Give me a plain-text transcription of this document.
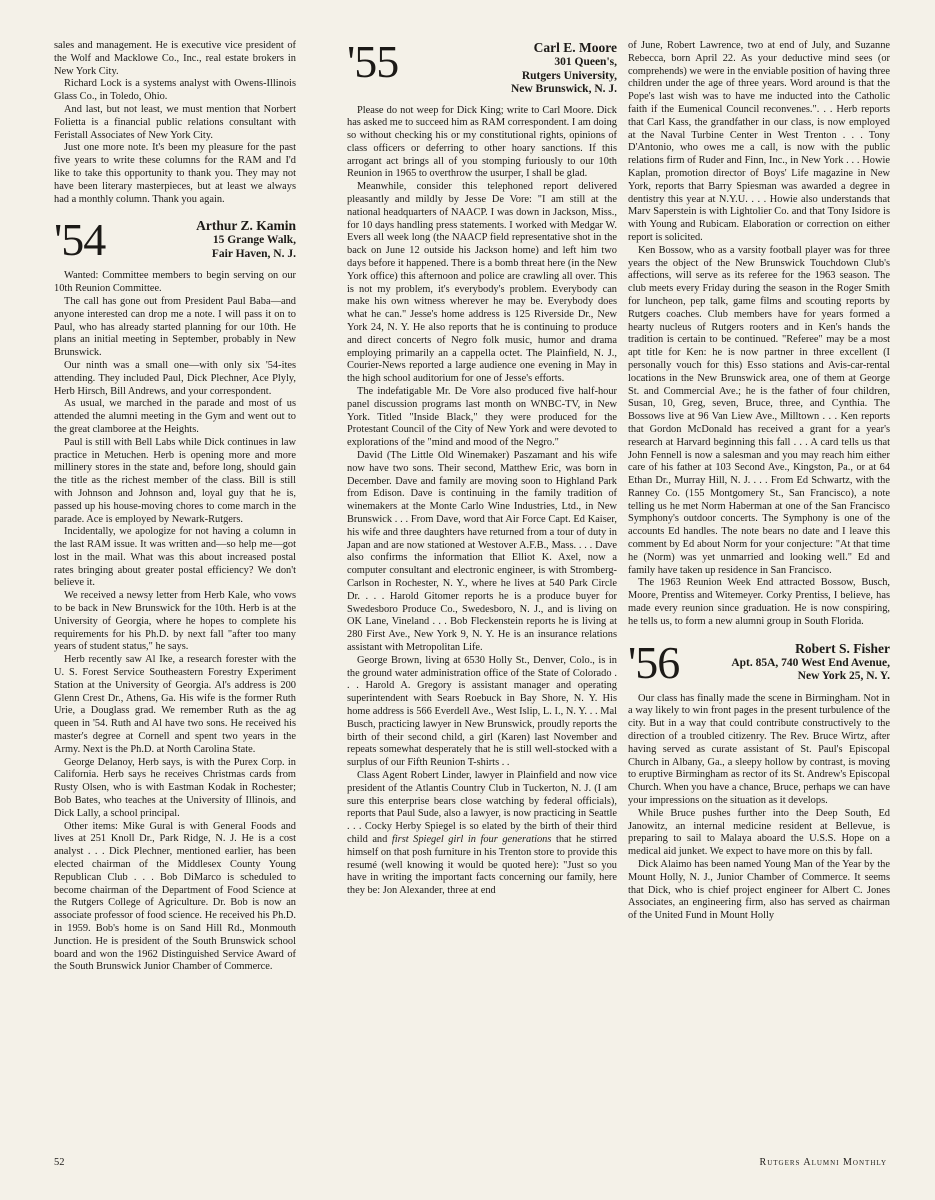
sales and management. He is executive vice president of the Wolf and Macklowe Co., Inc., real estate brokers in New York City.

Richard Lock is a systems analyst with Owens-Illinois Glass Co., in Toledo, Ohio.

And last, but not least, we must mention that Norbert Folietta is a financial public relations consultant with Feristall Associates of New York City.

Just one more note. It's been my pleasure for the past five years to write these columns for the RAM and I'd like to take this opportunity to thank you. They may not have been literary masterpieces, but at least we always had a monthly column. Thank you again.

'54	Arthur Z. Kamin
15 Grange Walk,
Fair Haven, N. J.

Wanted: Committee members to begin serving on our 10th Reunion Committee.

The call has gone out from President Paul Baba—and anyone interested can drop me a note. I will pass it on to Paul, who has already started planning for our 10th. He plans an initial meeting in September, probably in New Brunswick.

Our ninth was a small one—with only six '54-ites attending. They included Paul, Dick Plechner, Ace Plyly, Herb Hirsch, Bill Andrews, and your correspondent.

As usual, we marched in the parade and most of us attended the alumni meeting in the Gym and went out to the great clamboree at the Heights.

Paul is still with Bell Labs while Dick continues in law practice in Metuchen. Herb is opening more and more millinery stores in the state and, before long, should gain the title as the richest member of the class. Bill is still with Johnson and Johnson and, loyal guy that he is, passed up his house-moving chores to come march in the parade. Ace is employed by Newark-Rutgers.

Incidentally, we apologize for not having a column in the last RAM issue. It was written and—so help me—got lost in the mail. What was this about increased postal rates bringing about greater postal efficiency? We don't believe it.

We received a newsy letter from Herb Kale, who vows to be back in New Brunswick for the 10th. Herb is at the University of Georgia, where he hopes to complete his requirements for his Ph.D. by next fall "after too many years of student status," he says.

Herb recently saw Al Ike, a research forester with the U. S. Forest Service Southeastern Forestry Experiment Station at the University of Georgia. Al's address is 200 Glenn Crest Dr., Athens, Ga. His wife is the former Ruth Urie, a Douglass grad. We remember Ruth as the ag queen in '54. Ruth and Al have two sons. He received his master's degree at Cornell and spent two years in the Army. Next is the Ph.D. at North Carolina State.

George Delanoy, Herb says, is with the Purex Corp. in California. Herb says he receives Christmas cards from Rusty Olsen, who is with Eastman Kodak in Rochester; Bob Bates, who teaches at the University of Illinois, and Dick Lally, a school principal.

Other items: Mike Gural is with General Foods and lives at 251 Knoll Dr., Park Ridge, N. J. He is a cost analyst . . . Dick Plechner, mentioned earlier, has been elected chairman of the Middlesex County Young Republican Club . . . Bob DiMarco is scheduled to become chairman of the Department of Food Science at the Rutgers College of Agriculture. Dr. Bob is now an associate professor of food science. He received his Ph.D. in 1959. Bob's home is on Sand Hill Rd., Monmouth Junction. He is president of the South Brunswick school board and won the 1962 Distinguished Service Award of the South Brunswick Junior Chamber of Commerce.

'55	Carl E. Moore
301 Queen's,
Rutgers University,
New Brunswick, N. J.

Please do not weep for Dick King; write to Carl Moore. Dick has asked me to succeed him as RAM correspondent. I am doing so without checking his or my constitutional rights, opinions of class officers or deferring to other hoary sanctions. If this arrogant act brings all of you stomping furiously to our 10th Reunion in 1965 to overthrow the usurper, I shall be glad.

Meanwhile, consider this telephoned report delivered pleasantly and mildly by Jesse De Vore: "I am still at the national headquarters of NAACP. I was down in Jackson, Miss., for 10 days handling press statements. I worked with Medgar W. Evers all week long (the NAACP field representative shot in the back on June 12 outside his Jackson home) and left him two days before it happened. There is a bomb threat here (in the New York office) this afternoon and police are crawling all over. This is not my problem, it's everybody's problem. Everybody can make his own witness wherever he may be. Everybody does what he can." Jesse's home address is 125 Riverside Dr., New York 24, N. Y. He also reports that he is continuing to produce and direct concerts of Negro folk music, humor and drama employing primarily an a cappella octet. The Plainfield, N. J., Courier-News reported a large audience one evening in May in the high school auditorium for one of Jesse's efforts.

The indefatigable Mr. De Vore also produced five half-hour panel discussion programs last month on WNBC-TV, in New York. Titled "Inside Black," they were produced for the Protestant Council of the City of New York and were devoted to explorations of the "mind and mood of the Negro."

David (The Little Old Winemaker) Paszamant and his wife now have two sons. Their second, Matthew Eric, was born in December. Dave and family are moving soon to Highland Park from Edison. Dave is continuing in the family tradition of winemakers at the Monte Carlo Wine Industries, Ltd., in New Brunswick . . . From Dave, word that Air Force Capt. Ed Kaiser, his wife and three daughters have returned from a tour of duty in Japan and are now stationed at Westover A.F.B., Mass. . . . Dave also confirms the information that Elliot K. Axel, now a computer consultant and electronic engineer, is with Stromberg-Carlson in Rochester, N. Y., where he lives at 540 Park Circle Dr. . . . Harold Gitomer reports he is a produce buyer for Swedesboro Produce Co., Swedesboro, N. J., and is living on OK Lane, Vineland . . . Bob Fleckenstein reports he is living at 280 First Ave., New York 9, N. Y. He is an insurance relations assistant with Metropolitan Life.

George Brown, living at 6530 Holly St., Denver, Colo., is in the ground water administration office of the State of Colorado . . . Harold A. Gregory is assistant manager and operating superintendent with Sears Roebuck in Bay Shore, N. Y. His home address is 566 Everdell Ave., West Islip, L. I., N. Y. . . Mal Busch, practicing lawyer in New Brunswick, proudly reports the birth of their second child, a girl (Karen) last November and repeats somewhat desperately that he is still well-stocked with a surplus of our Fifth Reunion T-shirts . .

Class Agent Robert Linder, lawyer in Plainfield and now vice president of the Atlantis Country Club in Tuckerton, N. J. (I am sure this enterprise bears close watching by federal officials), reports that Paul Sude, also a lawyer, is now practicing in Seattle . . . Cocky Herby Spiegel is so elated by the birth of their third child and first Spiegel girl in four generations that he stirred himself on that posh furniture in his Trenton store to provide this resumé (well knowing it would be quoted here): "Just so you have in writing the important facts concerning our family, here they be: Jon Alexander, three at end

of June, Robert Lawrence, two at end of July, and Suzanne Rebecca, born April 22. As your deductive mind sees (or comprehends) we were in the enviable position of having three children under the age of three years. Word around is that the Pope's last wish was to have me inducted into the Catholic faith if the Eumenical Council reconvenes.". . . Herb reports that Carl Kass, the grandfather in our class, is now employed at the Naval Turbine Center in West Trenton . . . Tony D'Antonio, who owes me a call, is now with the public relations firm of Ruder and Finn, Inc., in New York . . . Howie Kaplan, promotion director of Boys' Life magazine in New York, reports that Barry Spiesman was awarded a degree in dentistry this year at N.Y.U. . . . Howie also understands that Marv Saperstein is with Lightolier Co. and that Tony Isidore is with Young and Rubicam. Elaboration or correction on either report is solicited.

Ken Bossow, who as a varsity football player was for three years the object of the New Brunswick Touchdown Club's affections, will serve as its referee for the 1963 season. The club meets every Friday during the season in the Roger Smith for luncheon, pep talk, game films and scouting reports by Rutgers coaches. Club members have for years formed a hearty nucleus of Rutgers rooters and in Ken's hands the tradition is certain to be continued. "Referee" may be a most apt title for Ken: he is now partner in three excellent (I personally vouch for this) Esso stations and Avis-car-rental locations in the New Brunswick area, one of them at George St. and Commercial Ave.; he is the father of four children, Susan, 10, Greg, seven, Bruce, three, and Cynthia. The Bossows live at 96 Van Liew Ave., Milltown . . . Ken reports that Gordon McDonald has received a grant for a year's research at Harvard beginning this fall . . . A card tells us that John Fennell is now a salesman and you may reach him either care of his father at 103 Second Ave., Kingston, Pa., or at 64 Ethan Dr., Murray Hill, N. J. . . . From Ed Schwartz, with the Ranney Co. (155 Montgomery St., San Francisco), a note telling us he met Norm Haberman at one of the San Francisco Symphony's outdoor concerts. The Symphony is one of the accounts Ed handles. The note bears no date and I leave this comment by Ed about Norm for your conjecture: "At that time he (Norm) was yet unmarried and looking well." Ed and family have taken up residence in San Francisco.

The 1963 Reunion Week End attracted Bossow, Busch, Moore, Prentiss and Witemeyer. Corky Prentiss, I believe, has made every reunion since graduation. He is now conspiring, he tells us, to form a new alumni group in South Florida.

'56	Robert S. Fisher
Apt. 85A, 740 West End Avenue,
New York 25, N. Y.

Our class has finally made the scene in Birmingham. Not in a way likely to win front pages in the present turbulence of the city. But in a way that could contribute constructively to the direction of a troubled citizenry. The Rev. Bruce Wirtz, after having served as curate assistant of St. Paul's Episcopal Church in Albany, Ga., a sleepy hollow by contrast, is moving to eruptive Birmingham as rector of its St. Andrew's Episcopal Church. When you have a chance, Bruce, perhaps we can have your impressions on the situation as it develops.

While Bruce pushes further into the Deep South, Ed Janowitz, an internal medicine resident at Bellevue, is preparing to sail to Malaya aboard the U.S.S. Hope on a medical aid junket. We expect to have more on this by fall.

Dick Alaimo has been named Young Man of the Year by the Mount Holly, N. J., Junior Chamber of Commerce. It seems that Dick, who is chief project engineer for Albert C. Jones Associates, an engineering firm, also has served as chairman of the United Fund in Mount Holly

52	Rutgers Alumni Monthly
